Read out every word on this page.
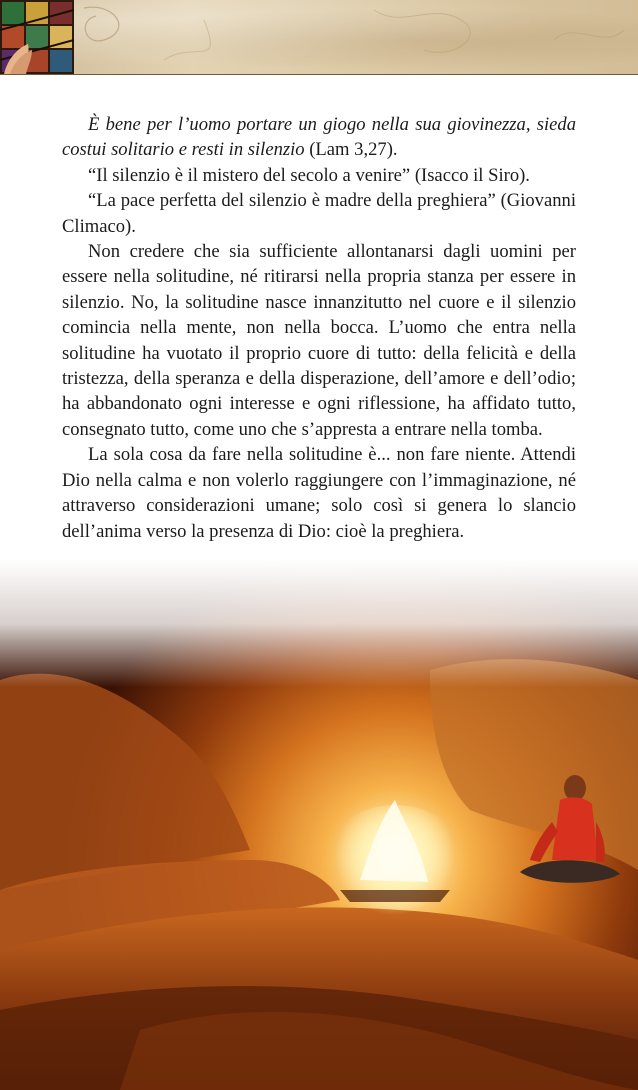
È bene per l’uomo portare un giogo nella sua giovinezza, sieda costui solitario e resti in silenzio (Lam 3,27).

“Il silenzio è il mistero del secolo a venire” (Isacco il Siro).

“La pace perfetta del silenzio è madre della preghiera” (Giovanni Climaco).

Non credere che sia sufficiente allontanarsi dagli uomini per essere nella solitudine, né ritirarsi nella propria stanza per essere in silenzio. No, la solitudine nasce innanzitutto nel cuore e il silenzio comincia nella mente, non nella bocca. L’uomo che entra nella solitudine ha vuotato il proprio cuore di tutto: della felicità e della tristezza, della speranza e della disperazione, dell’amore e dell’odio; ha abbandonato ogni interesse e ogni riflessione, ha affidato tutto, consegnato tutto, come uno che s’appresta a entrare nella tomba.

La sola cosa da fare nella solitudine è... non fare niente. Attendi Dio nella calma e non volerlo raggiungere con l’immaginazione, né attraverso considerazioni umane; solo così si genera lo slancio dell’anima verso la presenza di Dio: cioè la preghiera.
